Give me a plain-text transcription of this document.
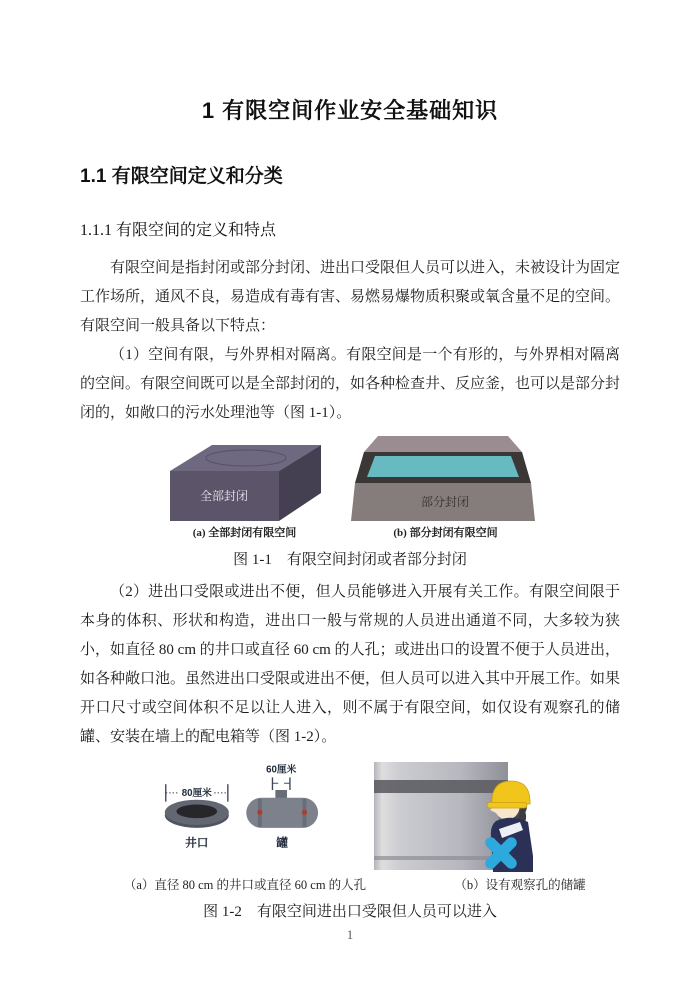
1 有限空间作业安全基础知识
1.1 有限空间定义和分类
1.1.1 有限空间的定义和特点

有限空间是指封闭或部分封闭、进出口受限但人员可以进入，未被设计为固定工作场所，通风不良，易造成有毒有害、易燃易爆物质积聚或氧含量不足的空间。有限空间一般具备以下特点：

（1）空间有限，与外界相对隔离。有限空间是一个有形的，与外界相对隔离的空间。有限空间既可以是全部封闭的，如各种检查井、反应釜，也可以是部分封闭的，如敞口的污水处理池等（图 1-1）。

全部封闭	部分封闭
(a) 全部封闭有限空间	(b) 部分封闭有限空间
图 1-1　有限空间封闭或者部分封闭

（2）进出口受限或进出不便，但人员能够进入开展有关工作。有限空间限于本身的体积、形状和构造，进出口一般与常规的人员进出通道不同，大多较为狭小，如直径 80 cm 的井口或直径 60 cm 的人孔；或进出口的设置不便于人员进出，如各种敞口池。虽然进出口受限或进出不便，但人员可以进入其中开展工作。如果开口尺寸或空间体积不足以让人进入，则不属于有限空间，如仅设有观察孔的储罐、安装在墙上的配电箱等（图 1-2）。

80厘米
井口
60厘米
罐
（a）直径 80 cm 的井口或直径 60 cm 的人孔	（b）设有观察孔的储罐
图 1-2　有限空间进出口受限但人员可以进入
1
